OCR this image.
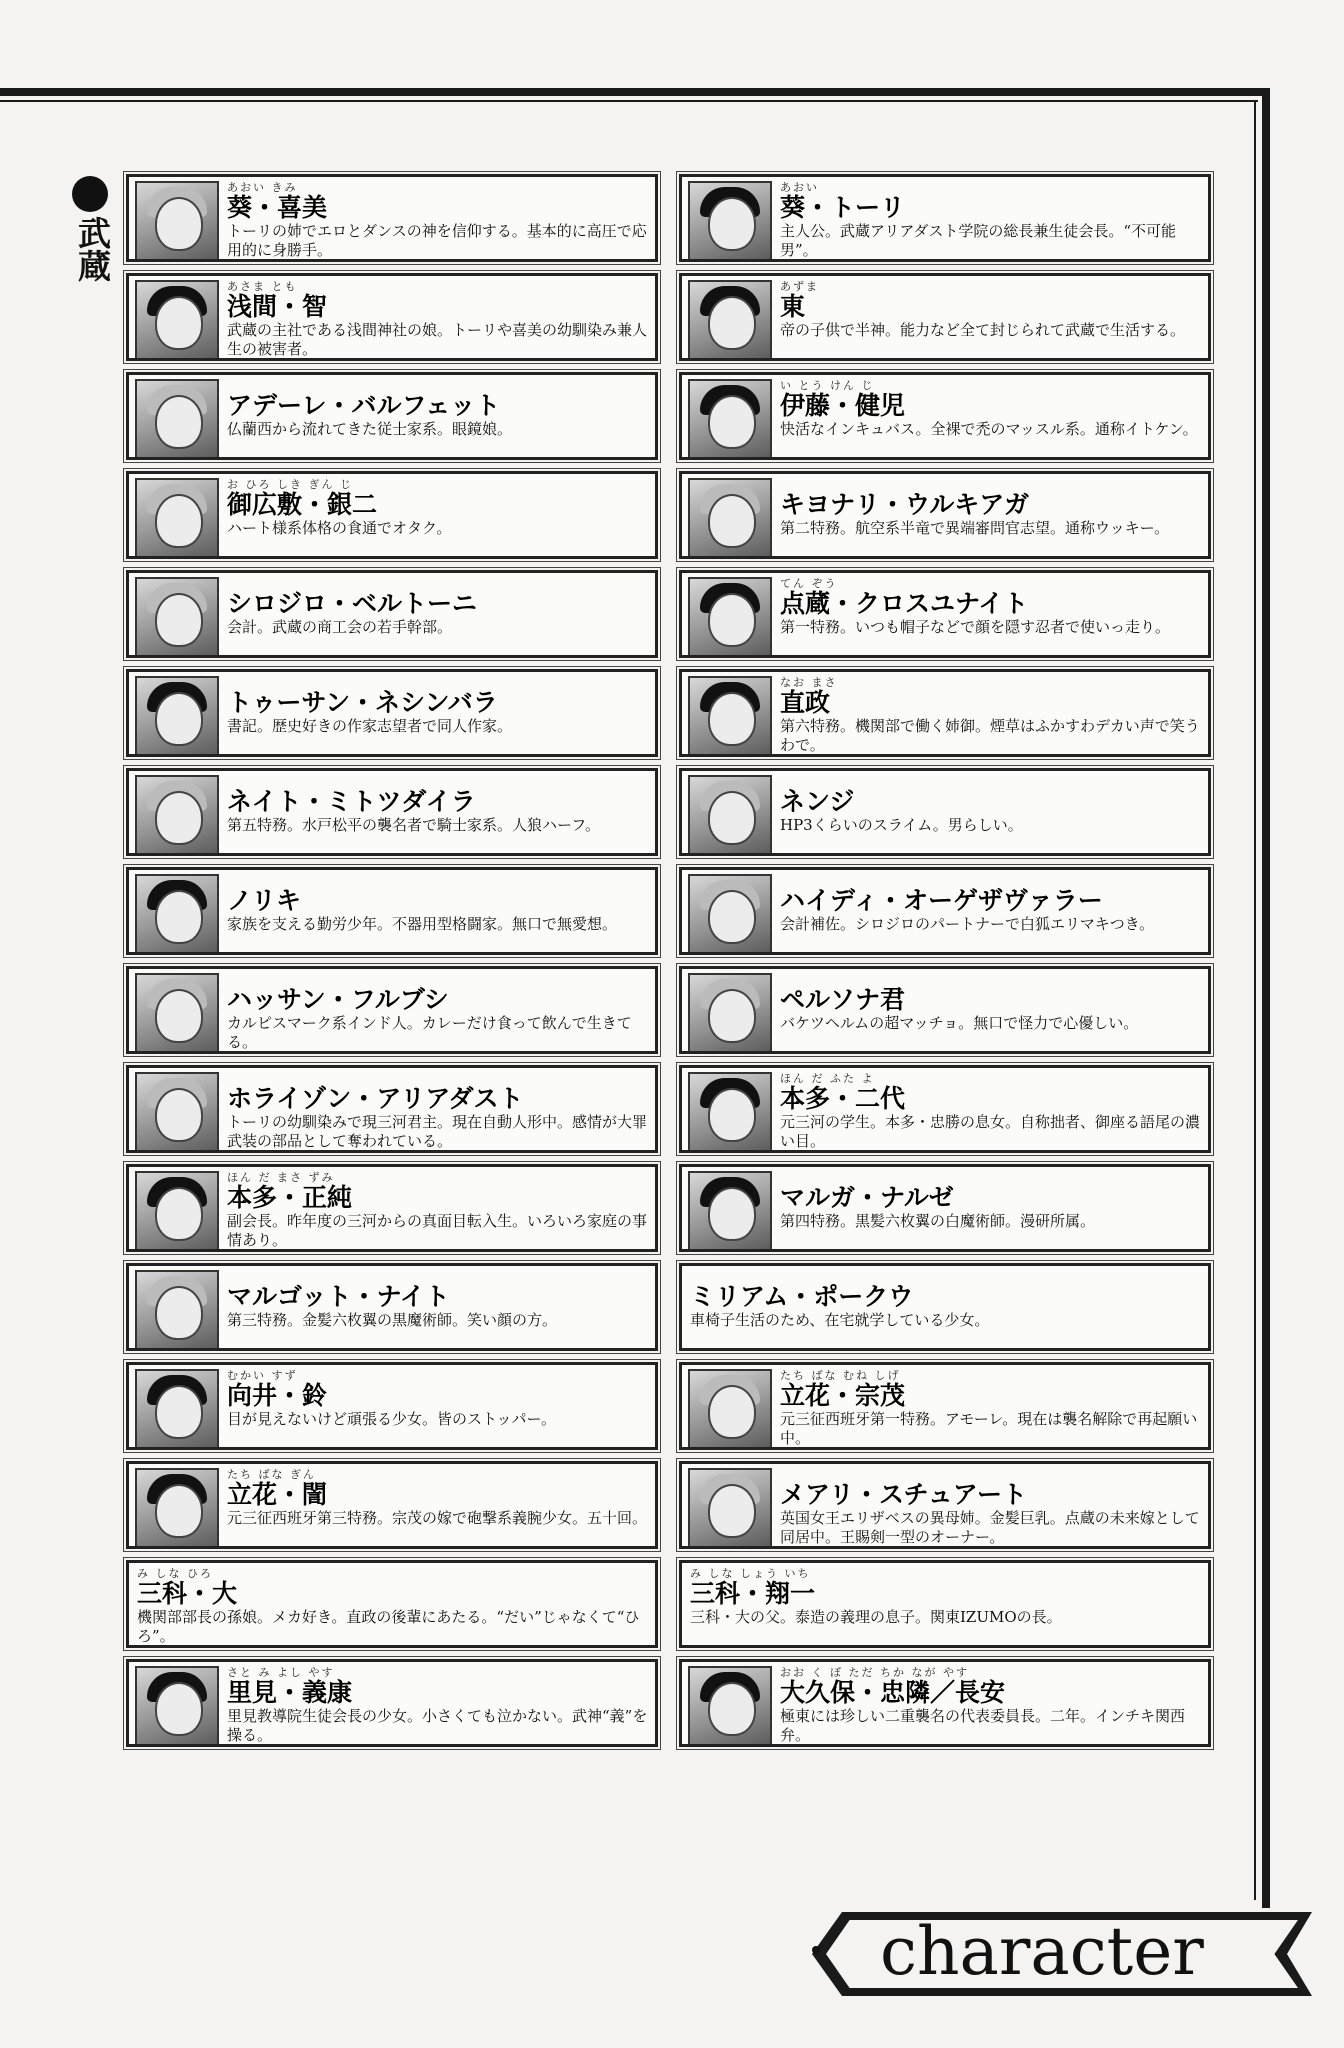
武蔵
あおい きみ
葵・喜美
トーリの姉でエロとダンスの神を信仰する。基本的に高圧で応用的に身勝手。
あおい
葵・トーリ
主人公。武蔵アリアダスト学院の総長兼生徒会長。“不可能男”。
あさま とも
浅間・智
武蔵の主社である浅間神社の娘。トーリや喜美の幼馴染み兼人生の被害者。
あずま
東
帝の子供で半神。能力など全て封じられて武蔵で生活する。
アデーレ・バルフェット
仏蘭西から流れてきた従士家系。眼鏡娘。
い とう けん じ
伊藤・健児
快活なインキュバス。全裸で禿のマッスル系。通称イトケン。
お ひろ しき ぎん じ
御広敷・銀二
ハート様系体格の食通でオタク。
キヨナリ・ウルキアガ
第二特務。航空系半竜で異端審問官志望。通称ウッキー。
シロジロ・ベルトーニ
会計。武蔵の商工会の若手幹部。
てん ぞう
点蔵・クロスユナイト
第一特務。いつも帽子などで顔を隠す忍者で使いっ走り。
トゥーサン・ネシンバラ
書記。歴史好きの作家志望者で同人作家。
なお まさ
直政
第六特務。機関部で働く姉御。煙草はふかすわデカい声で笑うわで。
ネイト・ミトツダイラ
第五特務。水戸松平の襲名者で騎士家系。人狼ハーフ。
ネンジ
HP3くらいのスライム。男らしい。
ノリキ
家族を支える勤労少年。不器用型格闘家。無口で無愛想。
ハイディ・オーゲザヴァラー
会計補佐。シロジロのパートナーで白狐エリマキつき。
ハッサン・フルブシ
カルピスマーク系インド人。カレーだけ食って飲んで生きてる。
ペルソナ君
バケツヘルムの超マッチョ。無口で怪力で心優しい。
ホライゾン・アリアダスト
トーリの幼馴染みで現三河君主。現在自動人形中。感情が大罪武装の部品として奪われている。
ほん だ ふた よ
本多・二代
元三河の学生。本多・忠勝の息女。自称拙者、御座る語尾の濃い目。
ほん だ まさ ずみ
本多・正純
副会長。昨年度の三河からの真面目転入生。いろいろ家庭の事情あり。
マルガ・ナルゼ
第四特務。黒髪六枚翼の白魔術師。漫研所属。
マルゴット・ナイト
第三特務。金髪六枚翼の黒魔術師。笑い顔の方。
ミリアム・ポークウ
車椅子生活のため、在宅就学している少女。
むかい すず
向井・鈴
目が見えないけど頑張る少女。皆のストッパー。
たち ばな むね しげ
立花・宗茂
元三征西班牙第一特務。アモーレ。現在は襲名解除で再起願い中。
たち ばな ぎん
立花・誾
元三征西班牙第三特務。宗茂の嫁で砲撃系義腕少女。五十回。
メアリ・スチュアート
英国女王エリザベスの異母姉。金髪巨乳。点蔵の未来嫁として同居中。王賜剣一型のオーナー。
み しな ひろ
三科・大
機関部部長の孫娘。メカ好き。直政の後輩にあたる。“だい”じゃなくて“ひろ”。
み しな しょう いち
三科・翔一
三科・大の父。泰造の義理の息子。関東IZUMOの長。
さと み よし やす
里見・義康
里見教導院生徒会長の少女。小さくても泣かない。武神“義”を操る。
おお く ぼ ただ ちか なが やす
大久保・忠隣／長安
極東には珍しい二重襲名の代表委員長。二年。インチキ関西弁。
character
